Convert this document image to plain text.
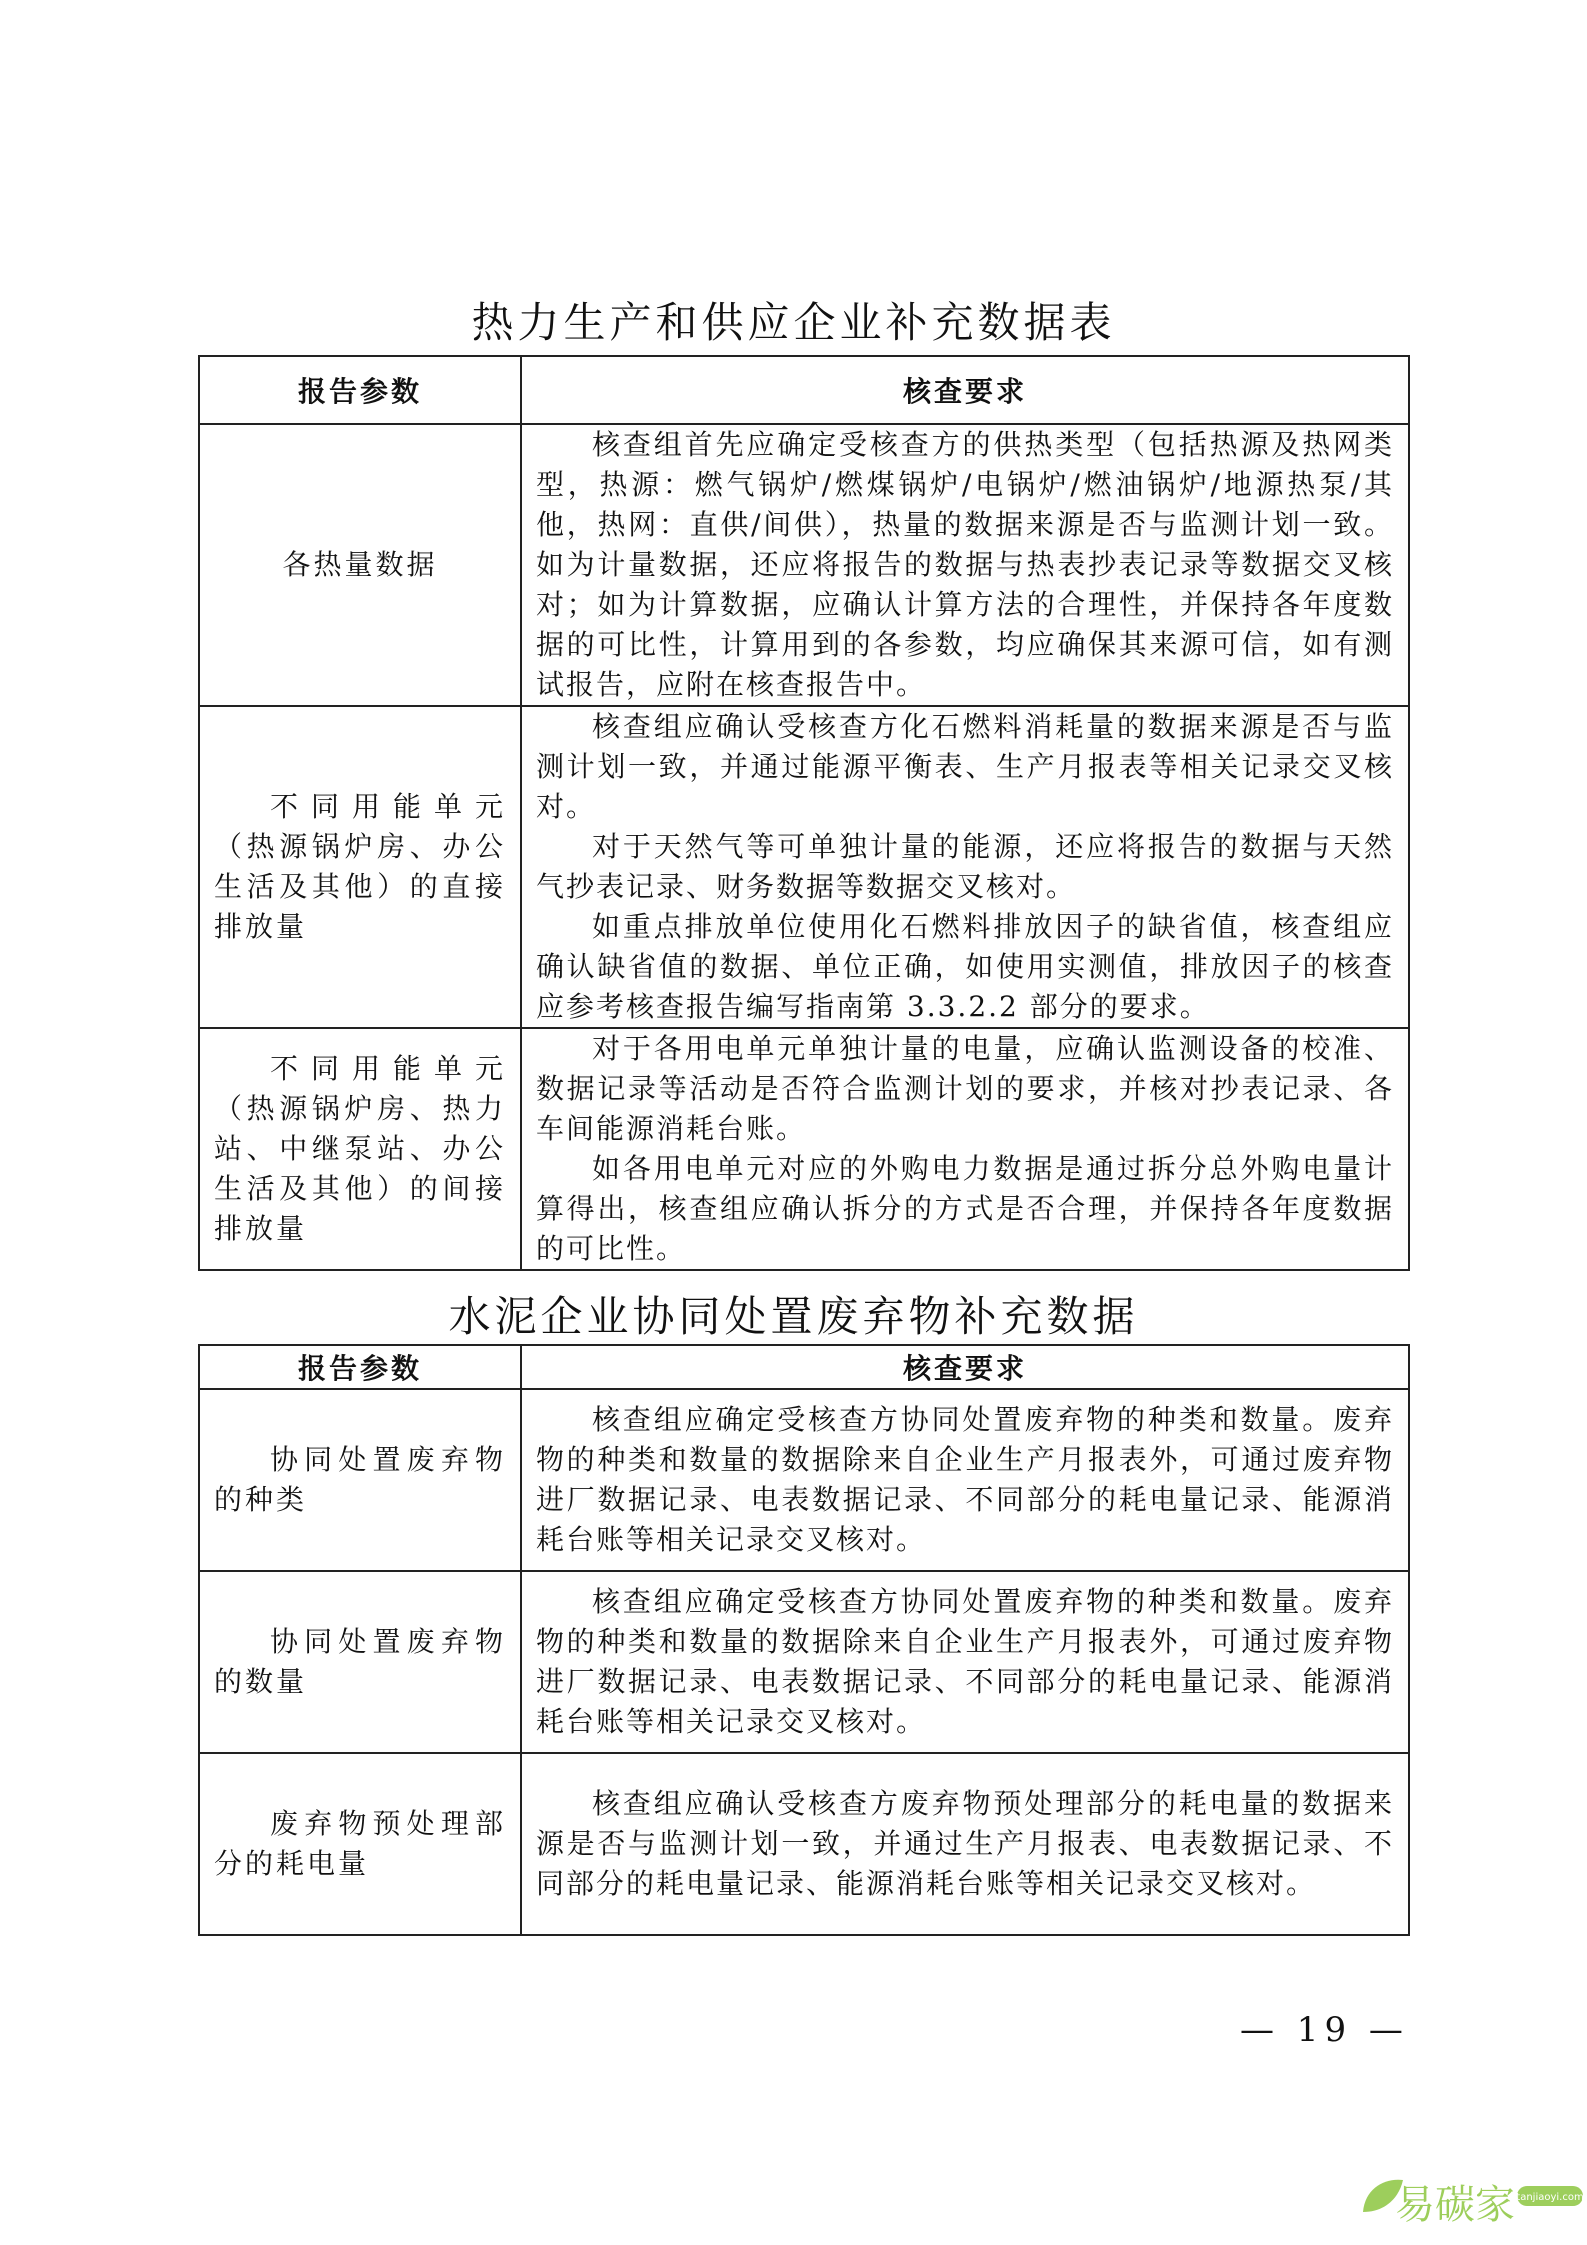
热力生产和供应企业补充数据表
报告参数	核查要求
各热量数据	核查组首先应确定受核查方的供热类型（包括热源及热网类型，热源：燃气锅炉/燃煤锅炉/电锅炉/燃油锅炉/地源热泵/其他，热网：直供/间供），热量的数据来源是否与监测计划一致。如为计量数据，还应将报告的数据与热表抄表记录等数据交叉核对；如为计算数据，应确认计算方法的合理性，并保持各年度数据的可比性，计算用到的各参数，均应确保其来源可信，如有测试报告，应附在核查报告中。

不同用能单元（热源锅炉房、办公生活及其他）的直接排放量	核查组应确认受核查方化石燃料消耗量的数据来源是否与监测计划一致，并通过能源平衡表、生产月报表等相关记录交叉核对。
对于天然气等可单独计量的能源，还应将报告的数据与天然气抄表记录、财务数据等数据交叉核对。
如重点排放单位使用化石燃料排放因子的缺省值，核查组应确认缺省值的数据、单位正确，如使用实测值，排放因子的核查应参考核查报告编写指南第 3.3.2.2 部分的要求。

不同用能单元（热源锅炉房、热力站、中继泵站、办公生活及其他）的间接排放量	对于各用电单元单独计量的电量，应确认监测设备的校准、数据记录等活动是否符合监测计划的要求，并核对抄表记录、各车间能源消耗台账。
如各用电单元对应的外购电力数据是通过拆分总外购电量计算得出，核查组应确认拆分的方式是否合理，并保持各年度数据的可比性。
水泥企业协同处置废弃物补充数据
报告参数	核查要求

协同处置废弃物的种类	核查组应确定受核查方协同处置废弃物的种类和数量。废弃物的种类和数量的数据除来自企业生产月报表外，可通过废弃物进厂数据记录、电表数据记录、不同部分的耗电量记录、能源消耗台账等相关记录交叉核对。

协同处置废弃物的数量	核查组应确定受核查方协同处置废弃物的种类和数量。废弃物的种类和数量的数据除来自企业生产月报表外，可通过废弃物进厂数据记录、电表数据记录、不同部分的耗电量记录、能源消耗台账等相关记录交叉核对。

废弃物预处理部分的耗电量	核查组应确认受核查方废弃物预处理部分的耗电量的数据来源是否与监测计划一致，并通过生产月报表、电表数据记录、不同部分的耗电量记录、能源消耗台账等相关记录交叉核对。
— 19 —
易碳家 tanjiaoyi.com
